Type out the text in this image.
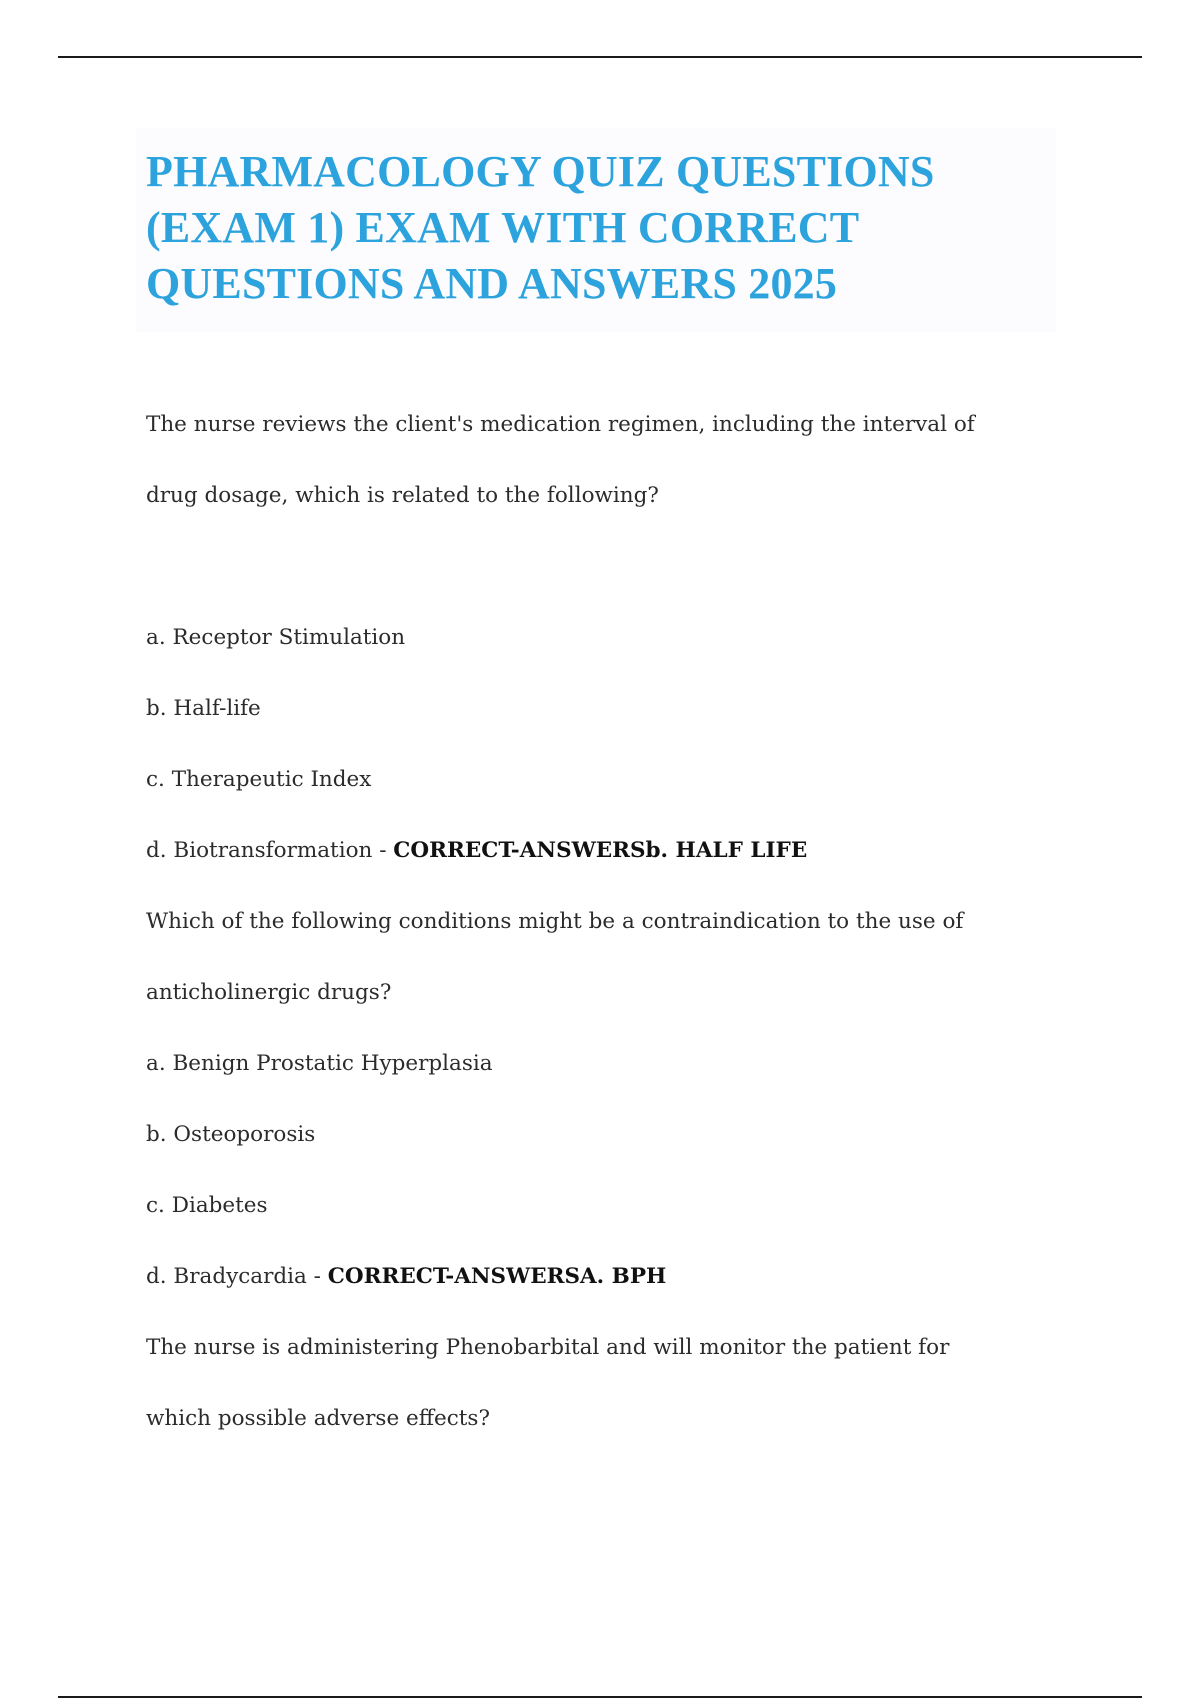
PHARMACOLOGY QUIZ QUESTIONS (EXAM 1) EXAM WITH CORRECT QUESTIONS AND ANSWERS 2025
The nurse reviews the client's medication regimen, including the interval of
drug dosage, which is related to the following?
a. Receptor Stimulation
b. Half-life
c. Therapeutic Index
d. Biotransformation - CORRECT-ANSWERSb. HALF LIFE
Which of the following conditions might be a contraindication to the use of
anticholinergic drugs?
a. Benign Prostatic Hyperplasia
b. Osteoporosis
c. Diabetes
d. Bradycardia - CORRECT-ANSWERSA. BPH
The nurse is administering Phenobarbital and will monitor the patient for
which possible adverse effects?
